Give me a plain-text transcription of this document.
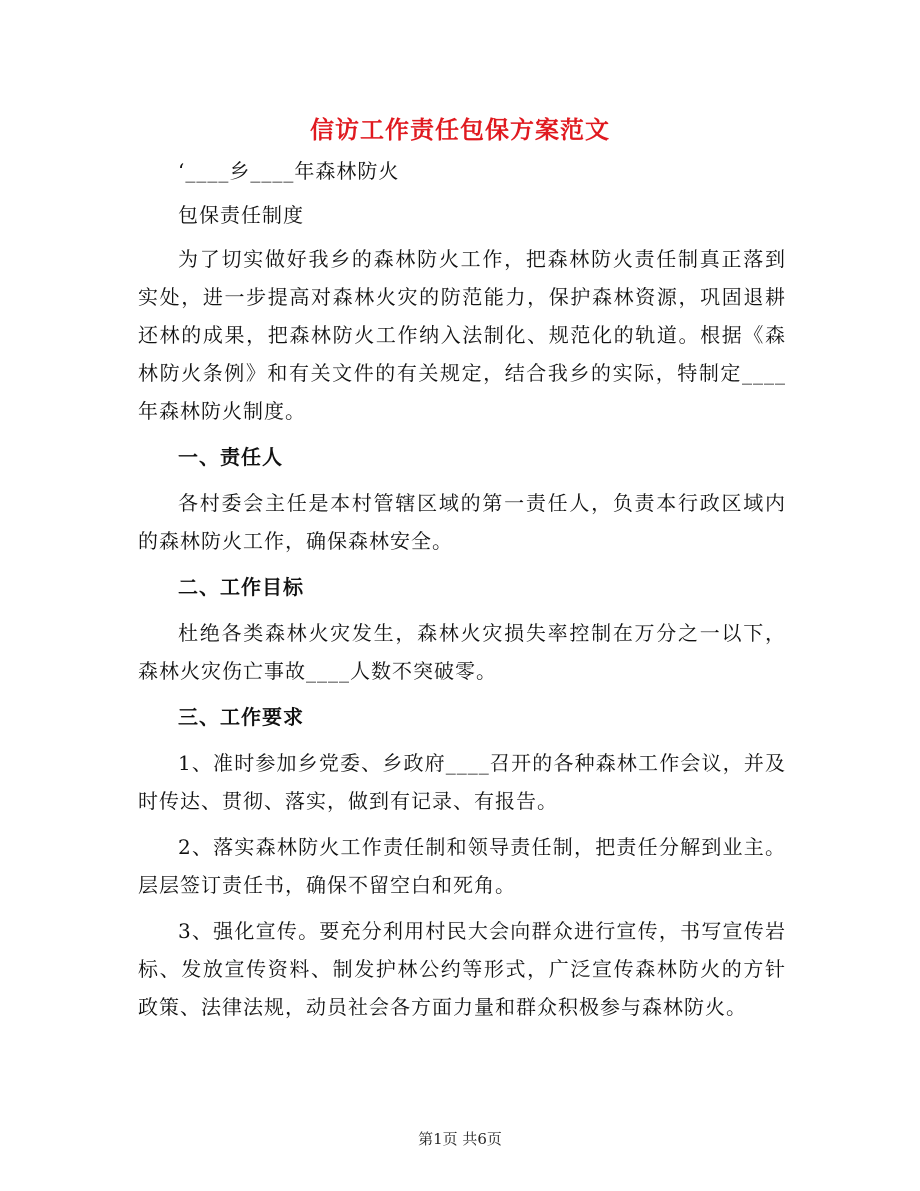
信访工作责任包保方案范文

‘____乡____年森林防火

包保责任制度

为了切实做好我乡的森林防火工作，把森林防火责任制真正落到实处，进一步提高对森林火灾的防范能力，保护森林资源，巩固退耕还林的成果，把森林防火工作纳入法制化、规范化的轨道。根据《森林防火条例》和有关文件的有关规定，结合我乡的实际，特制定____年森林防火制度。

一、责任人

各村委会主任是本村管辖区域的第一责任人，负责本行政区域内的森林防火工作，确保森林安全。

二、工作目标

杜绝各类森林火灾发生，森林火灾损失率控制在万分之一以下，森林火灾伤亡事故____人数不突破零。

三、工作要求

1、准时参加乡党委、乡政府____召开的各种森林工作会议，并及时传达、贯彻、落实，做到有记录、有报告。

2、落实森林防火工作责任制和领导责任制，把责任分解到业主。层层签订责任书，确保不留空白和死角。

3、强化宣传。要充分利用村民大会向群众进行宣传，书写宣传岩标、发放宣传资料、制发护林公约等形式，广泛宣传森林防火的方针政策、法律法规，动员社会各方面力量和群众积极参与森林防火。

第1页 共6页
